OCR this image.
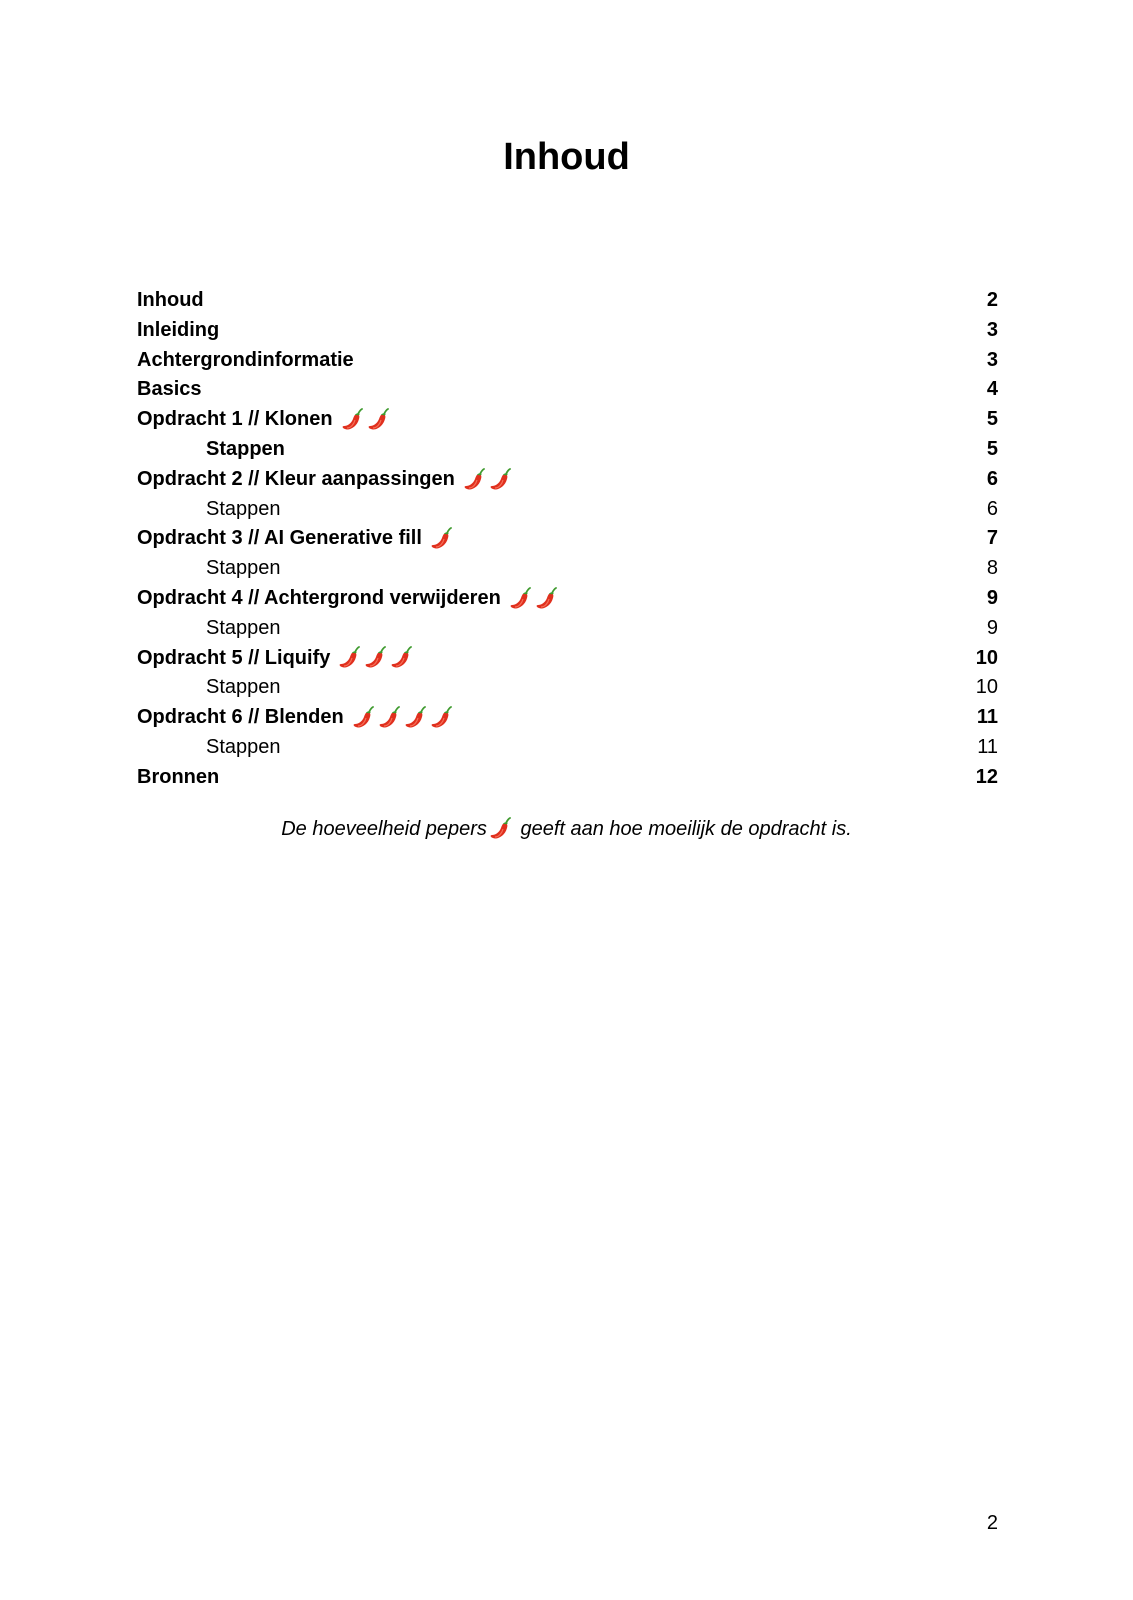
Inhoud
Inhoud	2
Inleiding	3
Achtergrondinformatie	3
Basics	4
Opdracht 1 // Klonen	5
Stappen	5
Opdracht 2 // Kleur aanpassingen	6
Stappen	6
Opdracht 3 // AI Generative fill	7
Stappen	8
Opdracht 4 // Achtergrond verwijderen	9
Stappen	9
Opdracht 5 // Liquify	10
Stappen	10
Opdracht 6 // Blenden	11
Stappen	11
Bronnen	12
De hoeveelheid pepers geeft aan hoe moeilijk de opdracht is.
2
